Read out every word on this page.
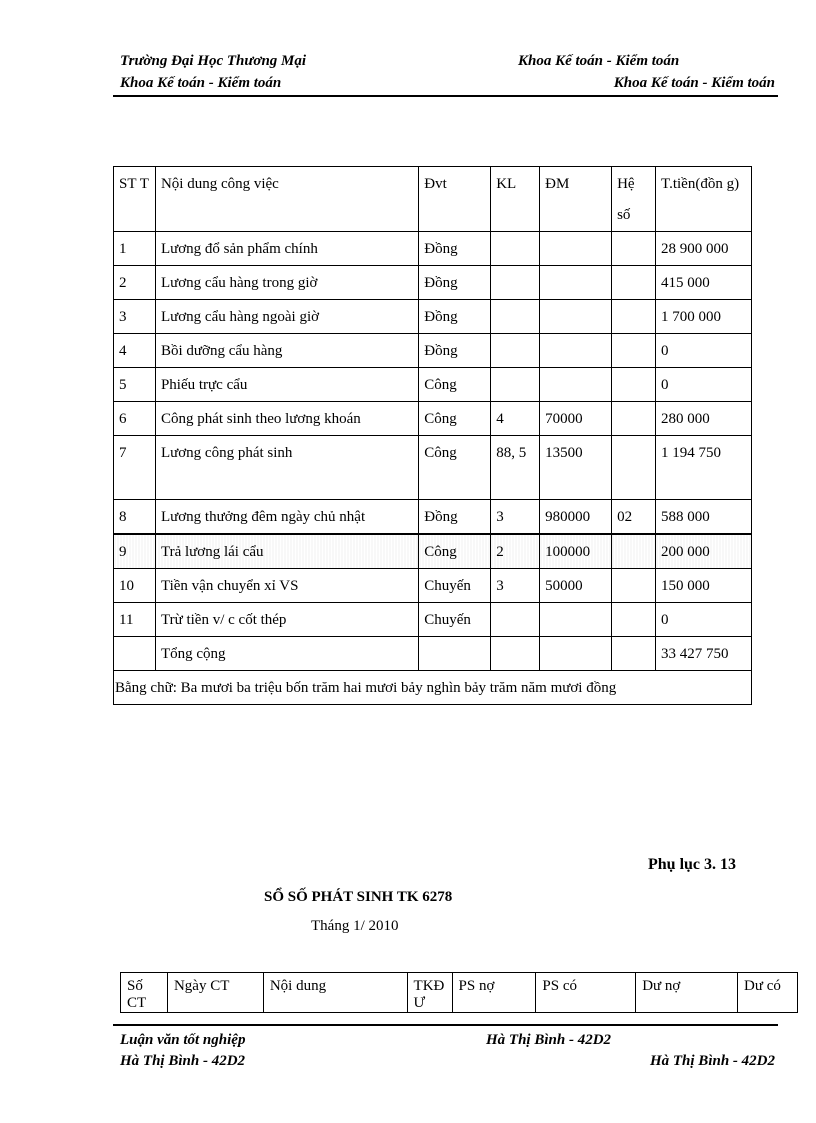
Trường Đại Học Thương Mại
Khoa Kế toán - Kiểm toán
Khoa Kế toán - Kiểm toán
Khoa Kế toán - Kiểm toán
ST T	Nội dung công việc	Đvt	KL	ĐM	Hệ số	T.tiền(đồn g)
1	Lương đổ sản phẩm chính	Đồng				28 900 000
2	Lương cẩu hàng trong giờ	Đồng				415 000
3	Lương cẩu hàng ngoài giờ	Đồng				1 700 000
4	Bồi dưỡng cẩu hàng	Đồng				0
5	Phiếu trực cẩu	Công				0
6	Công phát sinh theo lương khoán	Công	4	70000		280 000
7	Lương công phát sinh	Công	88, 5	13500		1 194 750
8	Lương thưởng đêm ngày chủ nhật	Đồng	3	980000	02	588 000
9	Trả lương lái cẩu	Công	2	100000		200 000
10	Tiền vận chuyển xỉ VS	Chuyến	3	50000		150 000
11	Trừ tiền v/ c cốt thép	Chuyến				0
	Tổng cộng					33 427 750
Bằng chữ: Ba mươi ba triệu bốn trăm hai mươi bảy nghìn bảy trăm năm mươi đồng						
Phụ lục 3. 13
SỔ SỐ PHÁT SINH TK 6278
Tháng 1/ 2010
Số CT	Ngày CT	Nội dung	TKĐ Ư	PS nợ	PS có	Dư nợ	Dư có
Luận văn tốt nghiệp
Hà Thị Bình - 42D2
Hà Thị Bình - 42D2
Hà Thị Bình - 42D2
